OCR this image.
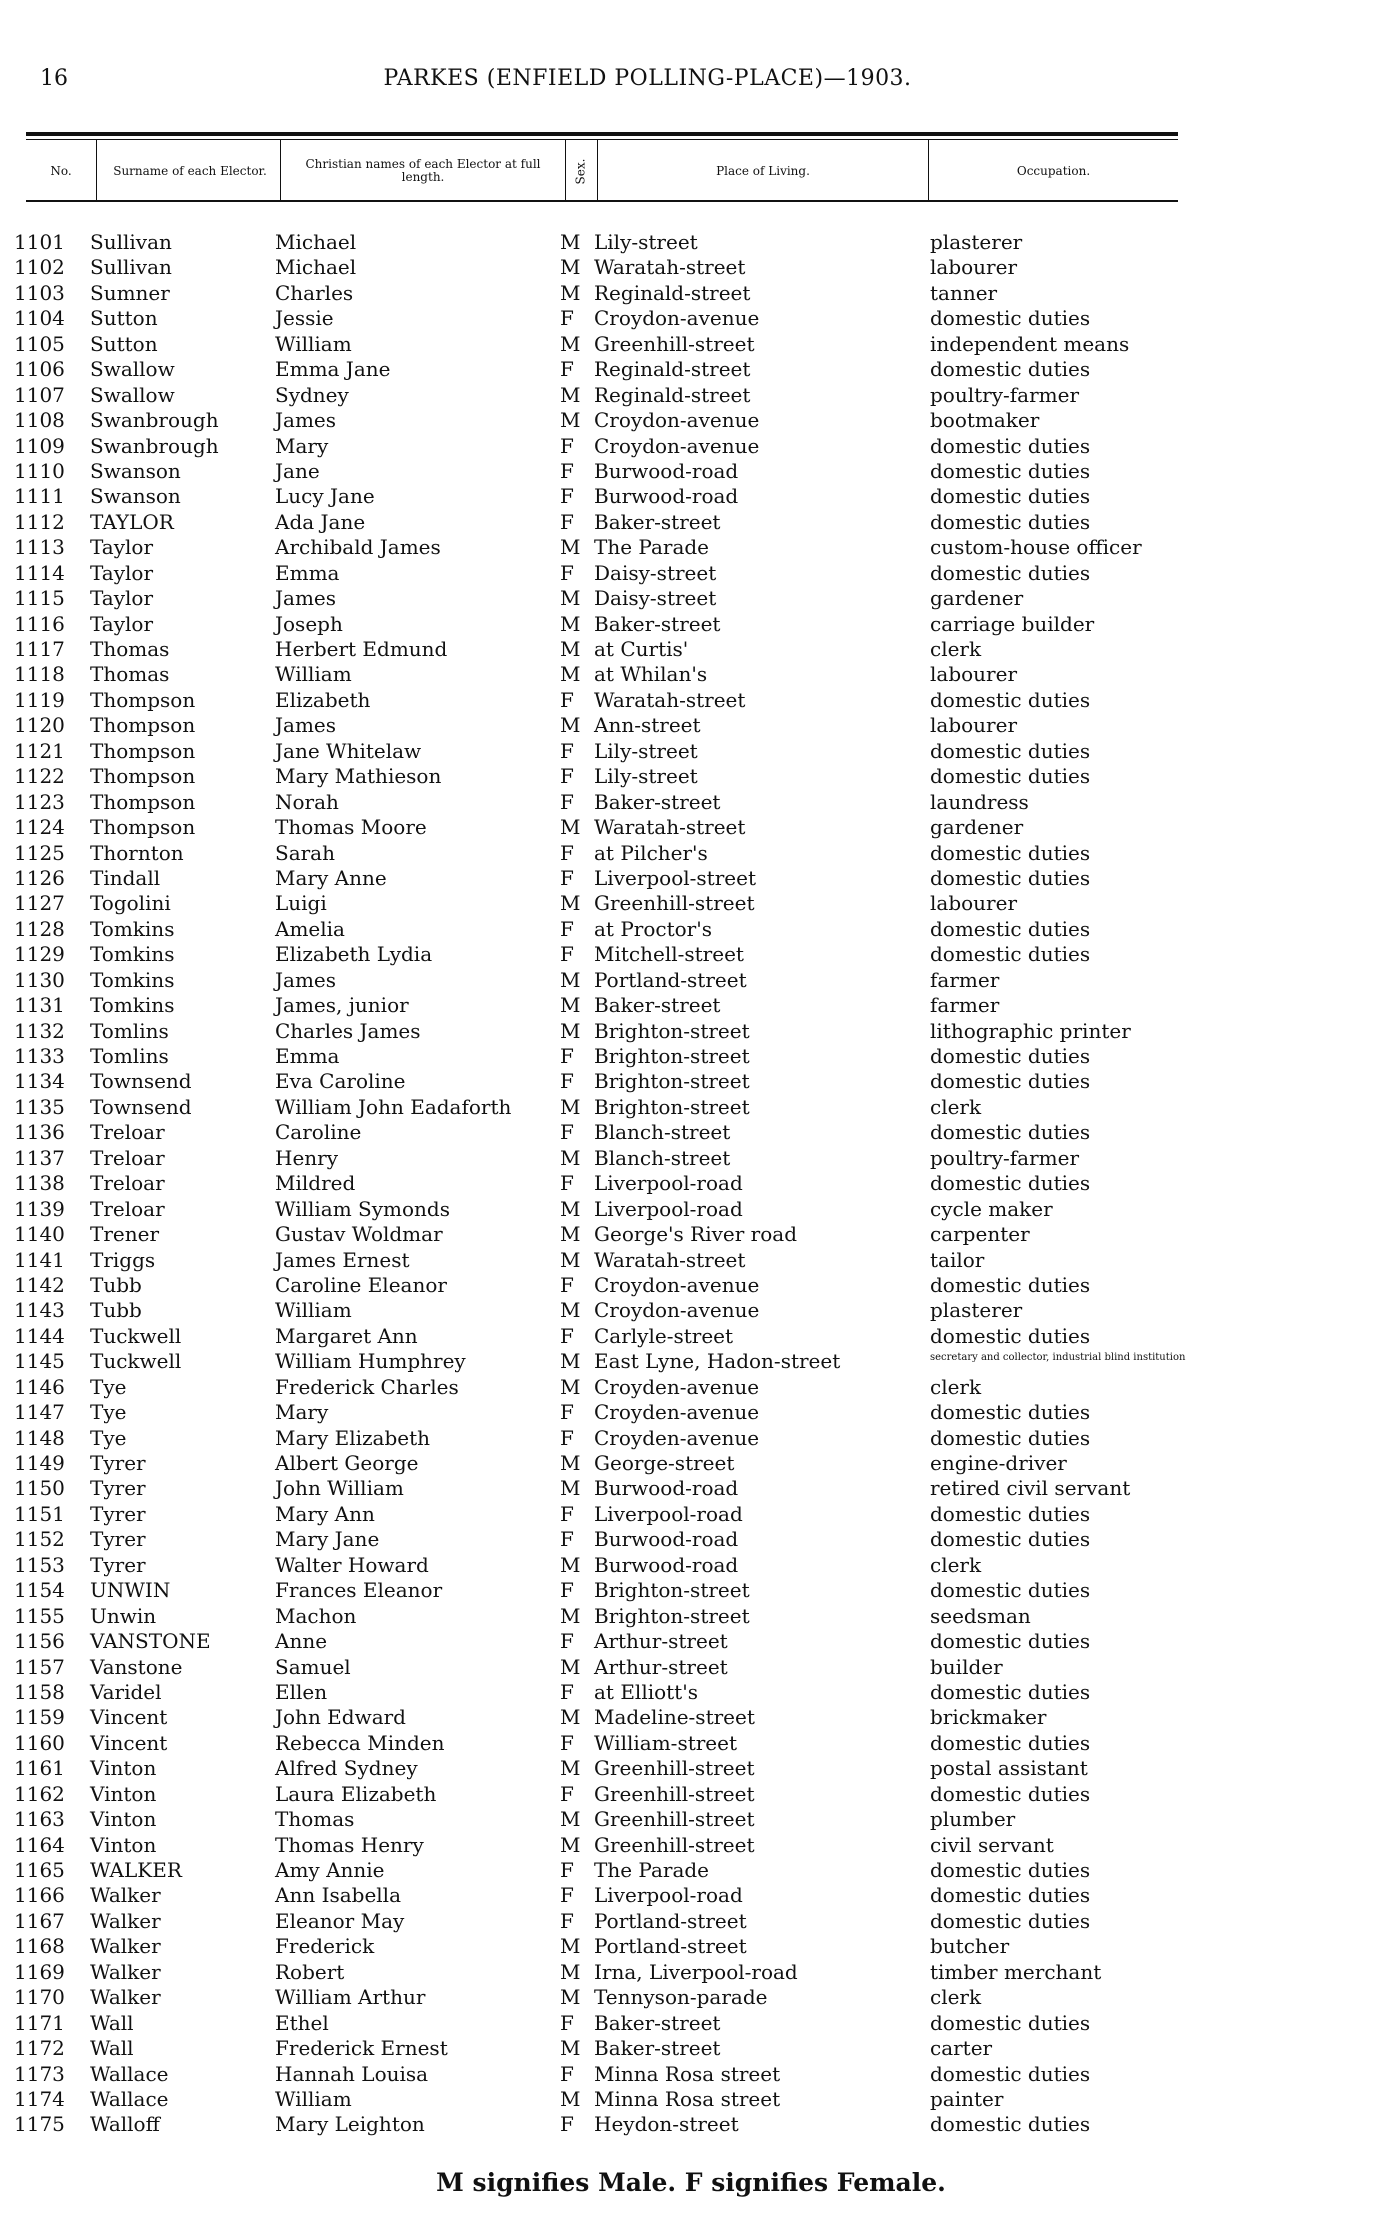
16	PARKES (ENFIELD POLLING-PLACE)—1903.
No.	Surname of each Elector.	Christian names of each Elector at full length.	Sex.	Place of Living.	Occupation.
1101 Sullivan	Michael	M Lily-street	plasterer
1102 Sullivan	Michael	M Waratah-street	labourer
1103 Sumner	Charles	M Reginald-street	tanner
1104 Sutton	Jessie	F Croydon-avenue	domestic duties
1105 Sutton	William	M Greenhill-street	independent means
1106 Swallow	Emma Jane	F Reginald-street	domestic duties
1107 Swallow	Sydney	M Reginald-street	poultry-farmer
1108 Swanbrough	James	M Croydon-avenue	bootmaker
1109 Swanbrough	Mary	F Croydon-avenue	domestic duties
1110 Swanson	Jane	F Burwood-road	domestic duties
1111 Swanson	Lucy Jane	F Burwood-road	domestic duties
1112 TAYLOR	Ada Jane	F Baker-street	domestic duties
1113 Taylor	Archibald James	M The Parade	custom-house officer
1114 Taylor	Emma	F Daisy-street	domestic duties
1115 Taylor	James	M Daisy-street	gardener
1116 Taylor	Joseph	M Baker-street	carriage builder
1117 Thomas	Herbert Edmund	M at Curtis'	clerk
1118 Thomas	William	M at Whilan's	labourer
1119 Thompson	Elizabeth	F Waratah-street	domestic duties
1120 Thompson	James	M Ann-street	labourer
1121 Thompson	Jane Whitelaw	F Lily-street	domestic duties
1122 Thompson	Mary Mathieson	F Lily-street	domestic duties
1123 Thompson	Norah	F Baker-street	laundress
1124 Thompson	Thomas Moore	M Waratah-street	gardener
1125 Thornton	Sarah	F at Pilcher's	domestic duties
1126 Tindall	Mary Anne	F Liverpool-street	domestic duties
1127 Togolini	Luigi	M Greenhill-street	labourer
1128 Tomkins	Amelia	F at Proctor's	domestic duties
1129 Tomkins	Elizabeth Lydia	F Mitchell-street	domestic duties
1130 Tomkins	James	M Portland-street	farmer
1131 Tomkins	James, junior	M Baker-street	farmer
1132 Tomlins	Charles James	M Brighton-street	lithographic printer
1133 Tomlins	Emma	F Brighton-street	domestic duties
1134 Townsend	Eva Caroline	F Brighton-street	domestic duties
1135 Townsend	William John Eadaforth M Brighton-street	clerk
1136 Treloar	Caroline	F Blanch-street	domestic duties
1137 Treloar	Henry	M Blanch-street	poultry-farmer
1138 Treloar	Mildred	F Liverpool-road	domestic duties
1139 Treloar	William Symonds	M Liverpool-road	cycle maker
1140 Trener	Gustav Woldmar	M George's River road	carpenter
1141 Triggs	James Ernest	M Waratah-street	tailor
1142 Tubb	Caroline Eleanor	F Croydon-avenue	domestic duties
1143 Tubb	William	M Croydon-avenue	plasterer
1144 Tuckwell	Margaret Ann	F Carlyle-street	domestic duties
1145 Tuckwell	William Humphrey	M East Lyne, Hadon-street	secretary and collector, industrial blind institution
1146 Tye	Frederick Charles	M Croyden-avenue	clerk
1147 Tye	Mary	F Croyden-avenue	domestic duties
1148 Tye	Mary Elizabeth	F Croyden-avenue	domestic duties
1149 Tyrer	Albert George	M George-street	engine-driver
1150 Tyrer	John William	M Burwood-road	retired civil servant
1151 Tyrer	Mary Ann	F Liverpool-road	domestic duties
1152 Tyrer	Mary Jane	F Burwood-road	domestic duties
1153 Tyrer	Walter Howard	M Burwood-road	clerk
1154 UNWIN	Frances Eleanor	F Brighton-street	domestic duties
1155 Unwin	Machon	M Brighton-street	seedsman
1156 VANSTONE	Anne	F Arthur-street	domestic duties
1157 Vanstone	Samuel	M Arthur-street	builder
1158 Varidel	Ellen	F at Elliott's	domestic duties
1159 Vincent	John Edward	M Madeline-street	brickmaker
1160 Vincent	Rebecca Minden	F William-street	domestic duties
1161 Vinton	Alfred Sydney	M Greenhill-street	postal assistant
1162 Vinton	Laura Elizabeth	F Greenhill-street	domestic duties
1163 Vinton	Thomas	M Greenhill-street	plumber
1164 Vinton	Thomas Henry	M Greenhill-street	civil servant
1165 WALKER	Amy Annie	F The Parade	domestic duties
1166 Walker	Ann Isabella	F Liverpool-road	domestic duties
1167 Walker	Eleanor May	F Portland-street	domestic duties
1168 Walker	Frederick	M Portland-street	butcher
1169 Walker	Robert	M Irna, Liverpool-road	timber merchant
1170 Walker	William Arthur	M Tennyson-parade	clerk
1171 Wall	Ethel	F Baker-street	domestic duties
1172 Wall	Frederick Ernest	M Baker-street	carter
1173 Wallace	Hannah Louisa	F Minna Rosa street	domestic duties
1174 Wallace	William	M Minna Rosa street	painter
1175 Walloff	Mary Leighton	F Heydon-street	domestic duties
M signifies Male. F signifies Female.
